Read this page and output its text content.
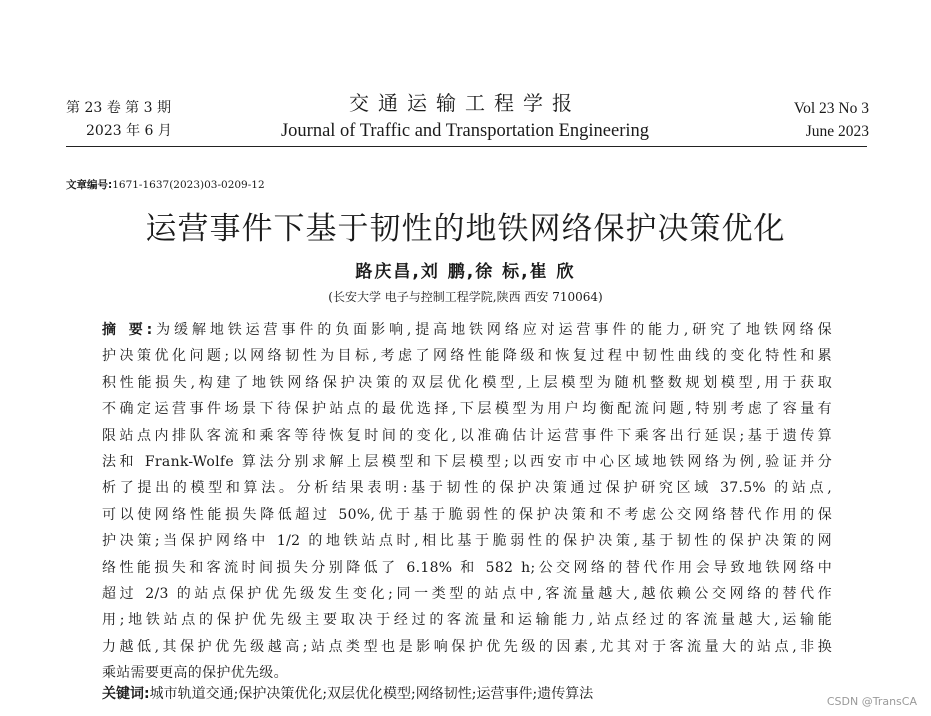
第 23 卷 第 3 期
2023 年 6 月
交通运输工程学报
Journal of Traffic and Transportation Engineering
Vol 23 No 3
June 2023
文章编号:1671-1637(2023)03-0209-12
运营事件下基于韧性的地铁网络保护决策优化
路庆昌,刘 鹏,徐 标,崔 欣
(长安大学 电子与控制工程学院,陕西 西安 710064)
摘 要:为缓解地铁运营事件的负面影响,提高地铁网络应对运营事件的能力,研究了地铁网络保
护决策优化问题;以网络韧性为目标,考虑了网络性能降级和恢复过程中韧性曲线的变化特性和累
积性能损失,构建了地铁网络保护决策的双层优化模型,上层模型为随机整数规划模型,用于获取
不确定运营事件场景下待保护站点的最优选择,下层模型为用户均衡配流问题,特别考虑了容量有
限站点内排队客流和乘客等待恢复时间的变化,以准确估计运营事件下乘客出行延误;基于遗传算
法和 Frank-Wolfe 算法分别求解上层模型和下层模型;以西安市中心区域地铁网络为例,验证并分
析了提出的模型和算法。分析结果表明:基于韧性的保护决策通过保护研究区域 37.5% 的站点,
可以使网络性能损失降低超过 50%,优于基于脆弱性的保护决策和不考虑公交网络替代作用的保
护决策;当保护网络中 1/2 的地铁站点时,相比基于脆弱性的保护决策,基于韧性的保护决策的网
络性能损失和客流时间损失分别降低了 6.18% 和 582 h;公交网络的替代作用会导致地铁网络中
超过 2/3 的站点保护优先级发生变化;同一类型的站点中,客流量越大,越依赖公交网络的替代作
用;地铁站点的保护优先级主要取决于经过的客流量和运输能力,站点经过的客流量越大,运输能
力越低,其保护优先级越高;站点类型也是影响保护优先级的因素,尤其对于客流量大的站点,非换
乘站需要更高的保护优先级。
关键词:城市轨道交通;保护决策优化;双层优化模型;网络韧性;运营事件;遗传算法	CSDN @TransCA
